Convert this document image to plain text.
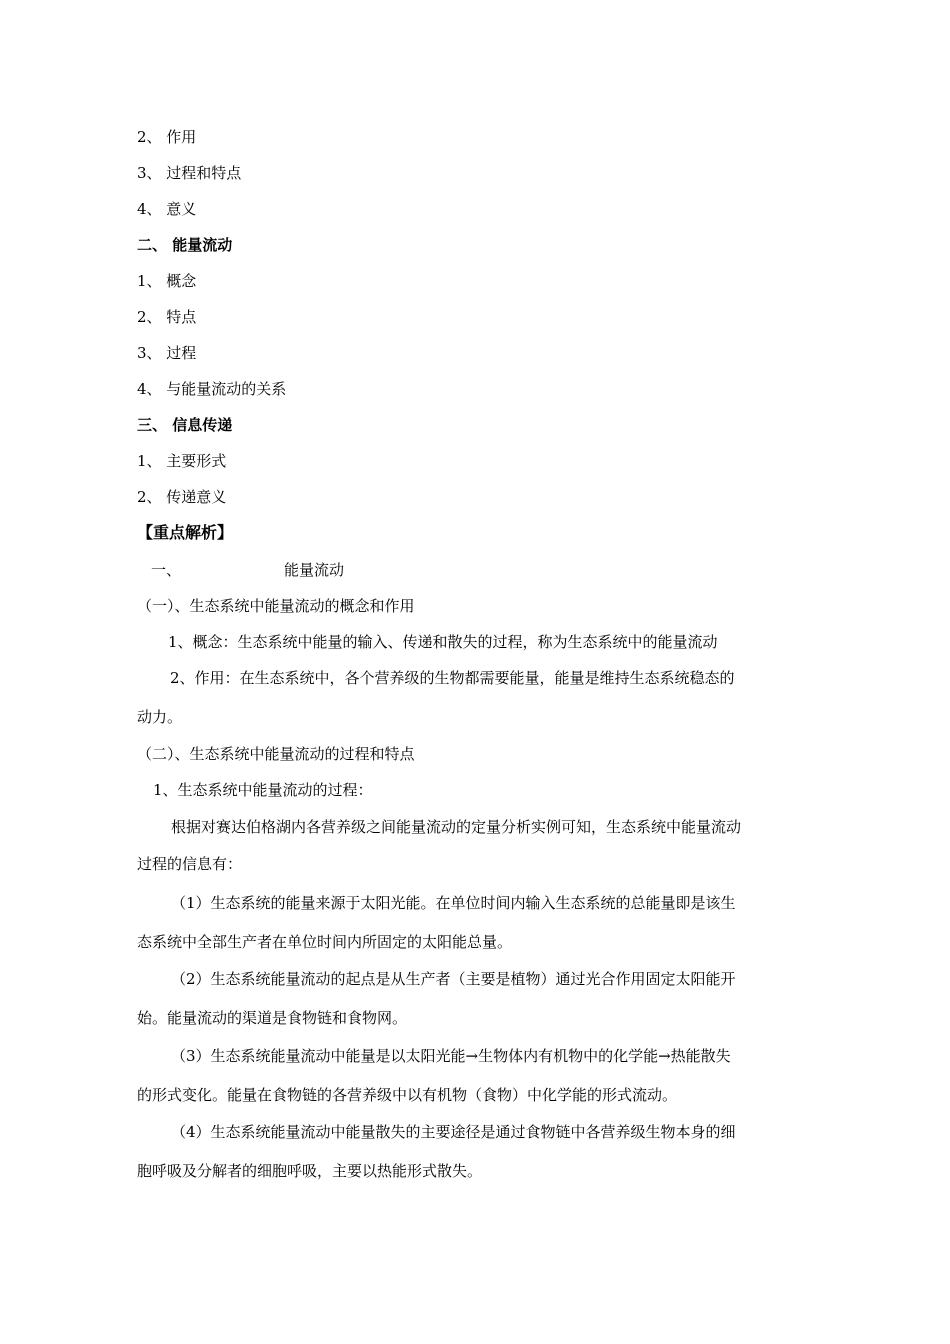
2、 作用
3、 过程和特点
4、 意义
二、 能量流动
1、 概念
2、 特点
3、 过程
4、 与能量流动的关系
三、 信息传递
1、 主要形式
2、 传递意义
【重点解析】
一、	能量流动
（一）、生态系统中能量流动的概念和作用
1、概念：生态系统中能量的输入、传递和散失的过程，称为生态系统中的能量流动
2、作用：在生态系统中，各个营养级的生物都需要能量，能量是维持生态系统稳态的
动力。
（二）、生态系统中能量流动的过程和特点
1、生态系统中能量流动的过程：
根据对赛达伯格湖内各营养级之间能量流动的定量分析实例可知，生态系统中能量流动
过程的信息有：
（1）生态系统的能量来源于太阳光能。在单位时间内输入生态系统的总能量即是该生
态系统中全部生产者在单位时间内所固定的太阳能总量。
（2）生态系统能量流动的起点是从生产者（主要是植物）通过光合作用固定太阳能开
始。能量流动的渠道是食物链和食物网。
（3）生态系统能量流动中能量是以太阳光能→生物体内有机物中的化学能→热能散失
的形式变化。能量在食物链的各营养级中以有机物（食物）中化学能的形式流动。
（4）生态系统能量流动中能量散失的主要途径是通过食物链中各营养级生物本身的细
胞呼吸及分解者的细胞呼吸，主要以热能形式散失。
